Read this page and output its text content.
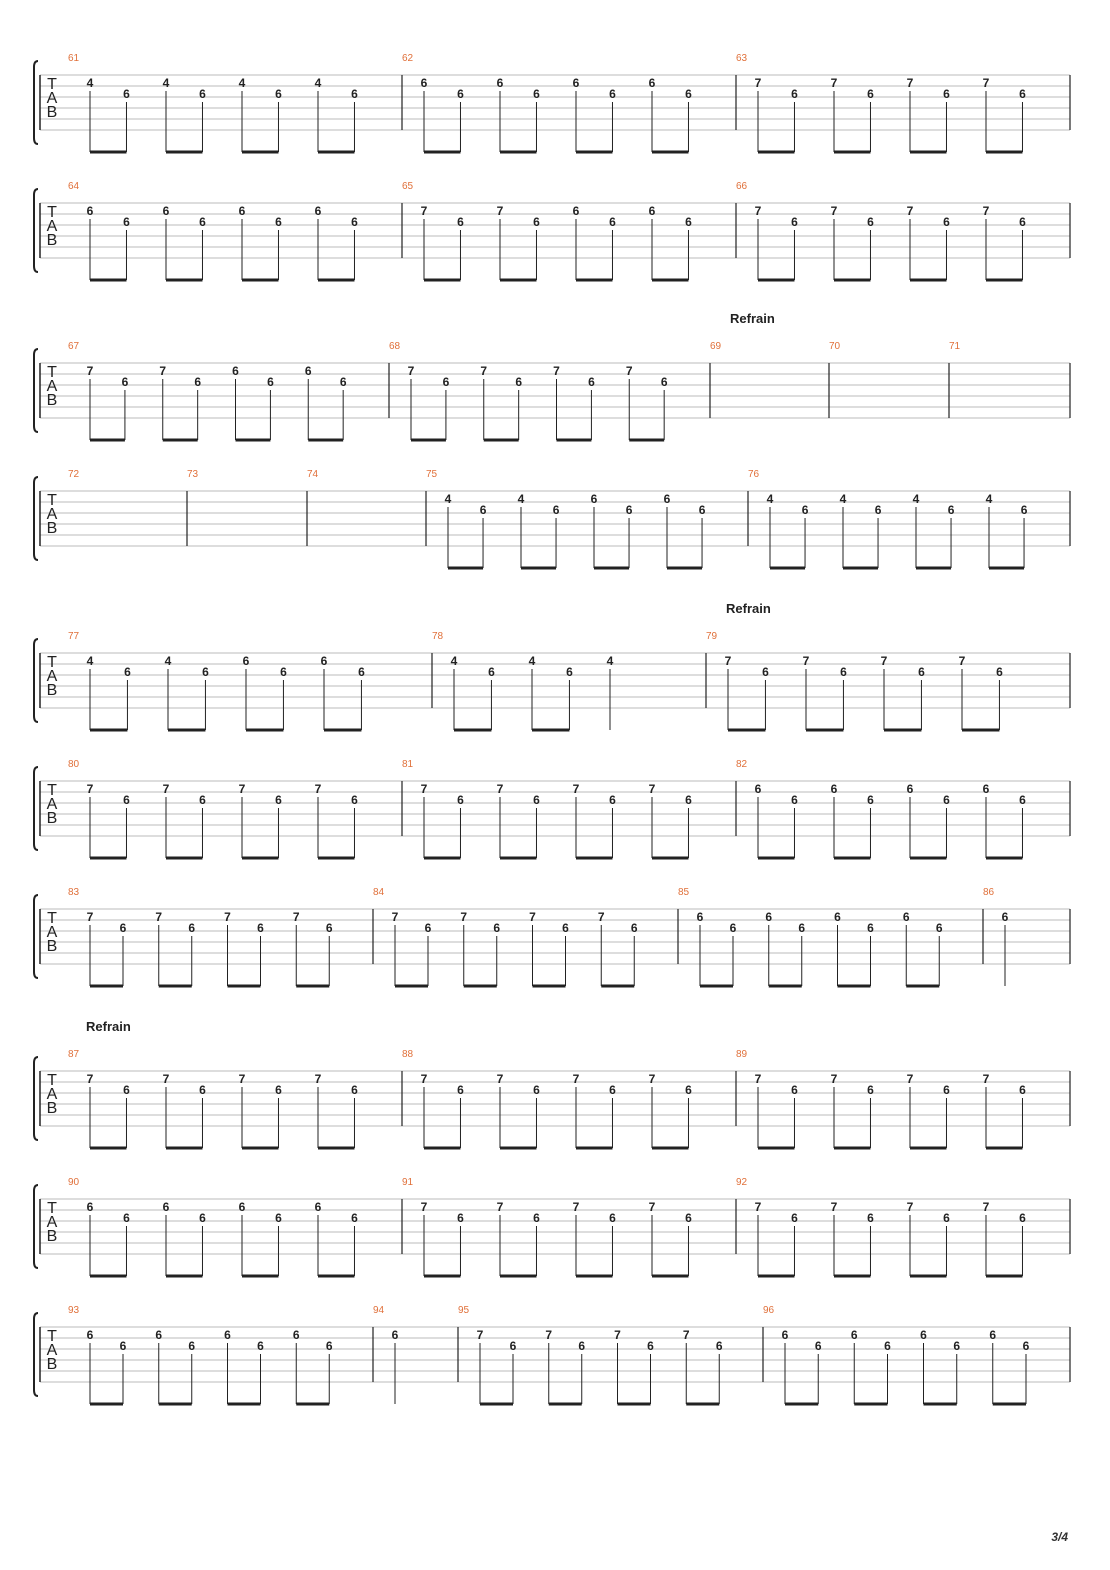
T
A
B
61
4
6
4
6
4
6
4
6
62
6
6
6
6
6
6
6
6
63
7
6
7
6
7
6
7
6
T
A
B
64
6
6
6
6
6
6
6
6
65
7
6
7
6
6
6
6
6
66
7
6
7
6
7
6
7
6
T
A
B
67
7
6
7
6
6
6
6
6
68
7
6
7
6
7
6
7
6
69
Refrain
70	71
T
A
B
72	73	74	75
4
6
4
6
6
6
6
6
76
4
6
4
6
4
6
4
6
T
A
B
77
4
6
4
6
6
6
6
6
78
4
6
4
6
4
79
Refrain
7
6
7
6
7
6
7
6
T
A
B
80
7
6
7
6
7
6
7
6
81
7
6
7
6
7
6
7
6
82
6
6
6
6
6
6
6
6
T
A
B
83
7
6
7
6
7
6
7
6
84
7
6
7
6
7
6
7
6
85
6
6
6
6
6
6
6
6
86
6
T
A
B
87
Refrain
7
6
7
6
7
6
7
6
88
7
6
7
6
7
6
7
6
89
7
6
7
6
7
6
7
6
T
A
B
90
6
6
6
6
6
6
6
6
91
7
6
7
6
7
6
7
6
92
7
6
7
6
7
6
7
6
T
A
B
93
6
6
6
6
6
6
6
6
94
6
95
7
6
7
6
7
6
7
6
96
6
6
6
6
6
6
6
6
3/4
